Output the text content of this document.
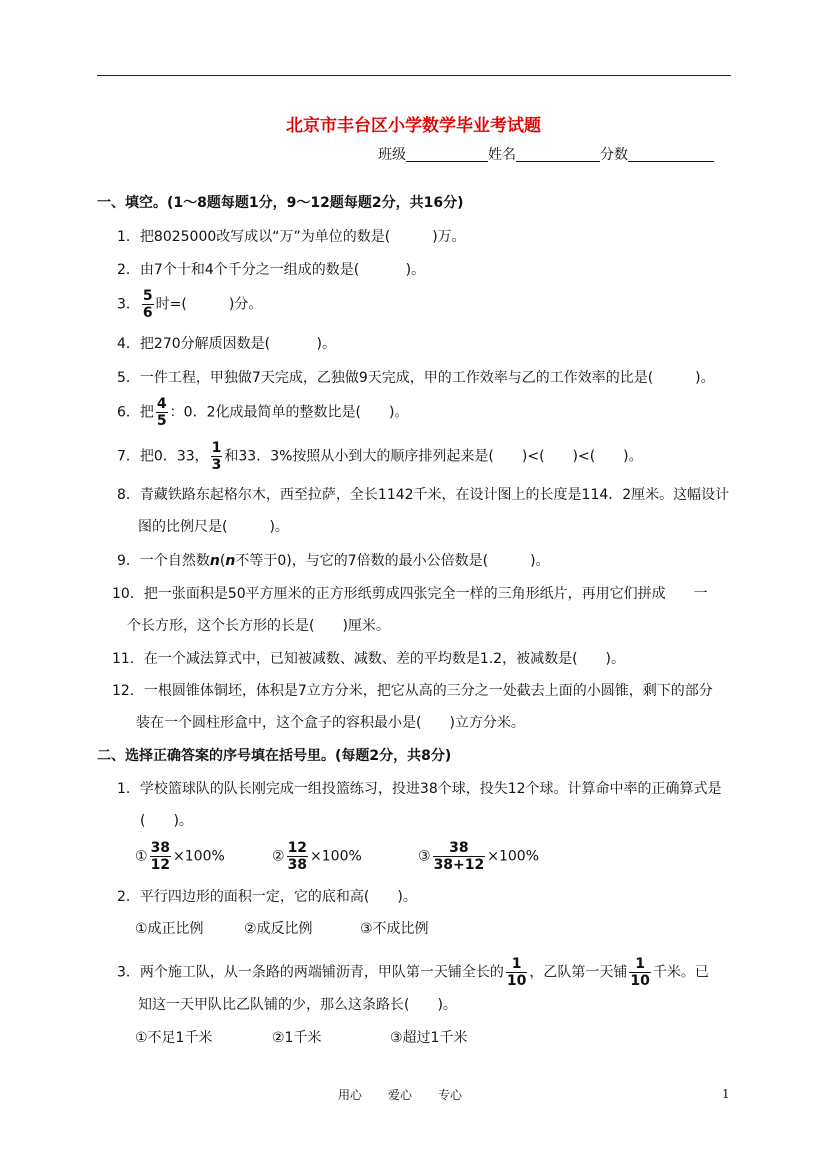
北京市丰台区小学数学毕业考试题
班级	姓名	分数
一、填空。(1～8题每题1分，9～12题每题2分，共16分)
1．把8025000改写成以“万”为单位的数是(　　　)万。
2．由7个十和4个千分之一组成的数是(　　　 )。
3． $\frac{5}{6}$ 时=(　　　)分。
4．把270分解质因数是(　　　 )。
5．一件工程，甲独做7天完成，乙独做9天完成，甲的工作效率与乙的工作效率的比是(　　　)。
6．把 $\frac{4}{5}$ ：0．2化成最简单的整数比是(　　)。
7．把0．33， $\frac{1}{3}$ 和33．3%按照从小到大的顺序排列起来是(　　)<(　　)<(　　)。
8．青藏铁路东起格尔木，西至拉萨，全长1142千米，在设计图上的长度是114．2厘米。这幅设计
图的比例尺是(　　　)。
9．一个自然数n(n不等于0)，与它的7倍数的最小公倍数是(　　　)。
10．把一张面积是50平方厘米的正方形纸剪成四张完全一样的三角形纸片，再用它们拼成　　一
个长方形，这个长方形的长是(　　)厘米。
11．在一个减法算式中，已知被减数、减数、差的平均数是1.2，被减数是(　　)。
12．一根圆锥体铜坯，体积是7立方分米，把它从高的三分之一处截去上面的小圆锥，剩下的部分
装在一个圆柱形盒中，这个盒子的容积最小是(　　)立方分米。
二、选择正确答案的序号填在括号里。(每题2分，共8分)
1．学校篮球队的队长刚完成一组投篮练习，投进38个球，投失12个球。计算命中率的正确算式是
(　　)。
① $\frac{38}{12} \times 100\%$	② $\frac{12}{38} \times 100\%$	③ $\frac{38}{38+12} \times 100\%$
2．平行四边形的面积一定，它的底和高(　　)。
①成正比例	②成反比例	③不成比例
3．两个施工队，从一条路的两端铺沥青，甲队第一天铺全长的 $\frac{1}{10}$ ，乙队第一天铺 $\frac{1}{10}$ 千米。已
知这一天甲队比乙队铺的少，那么这条路长(　　)。
①不足1千米	②1千米	③超过1千米
用心 爱心 专心	1
